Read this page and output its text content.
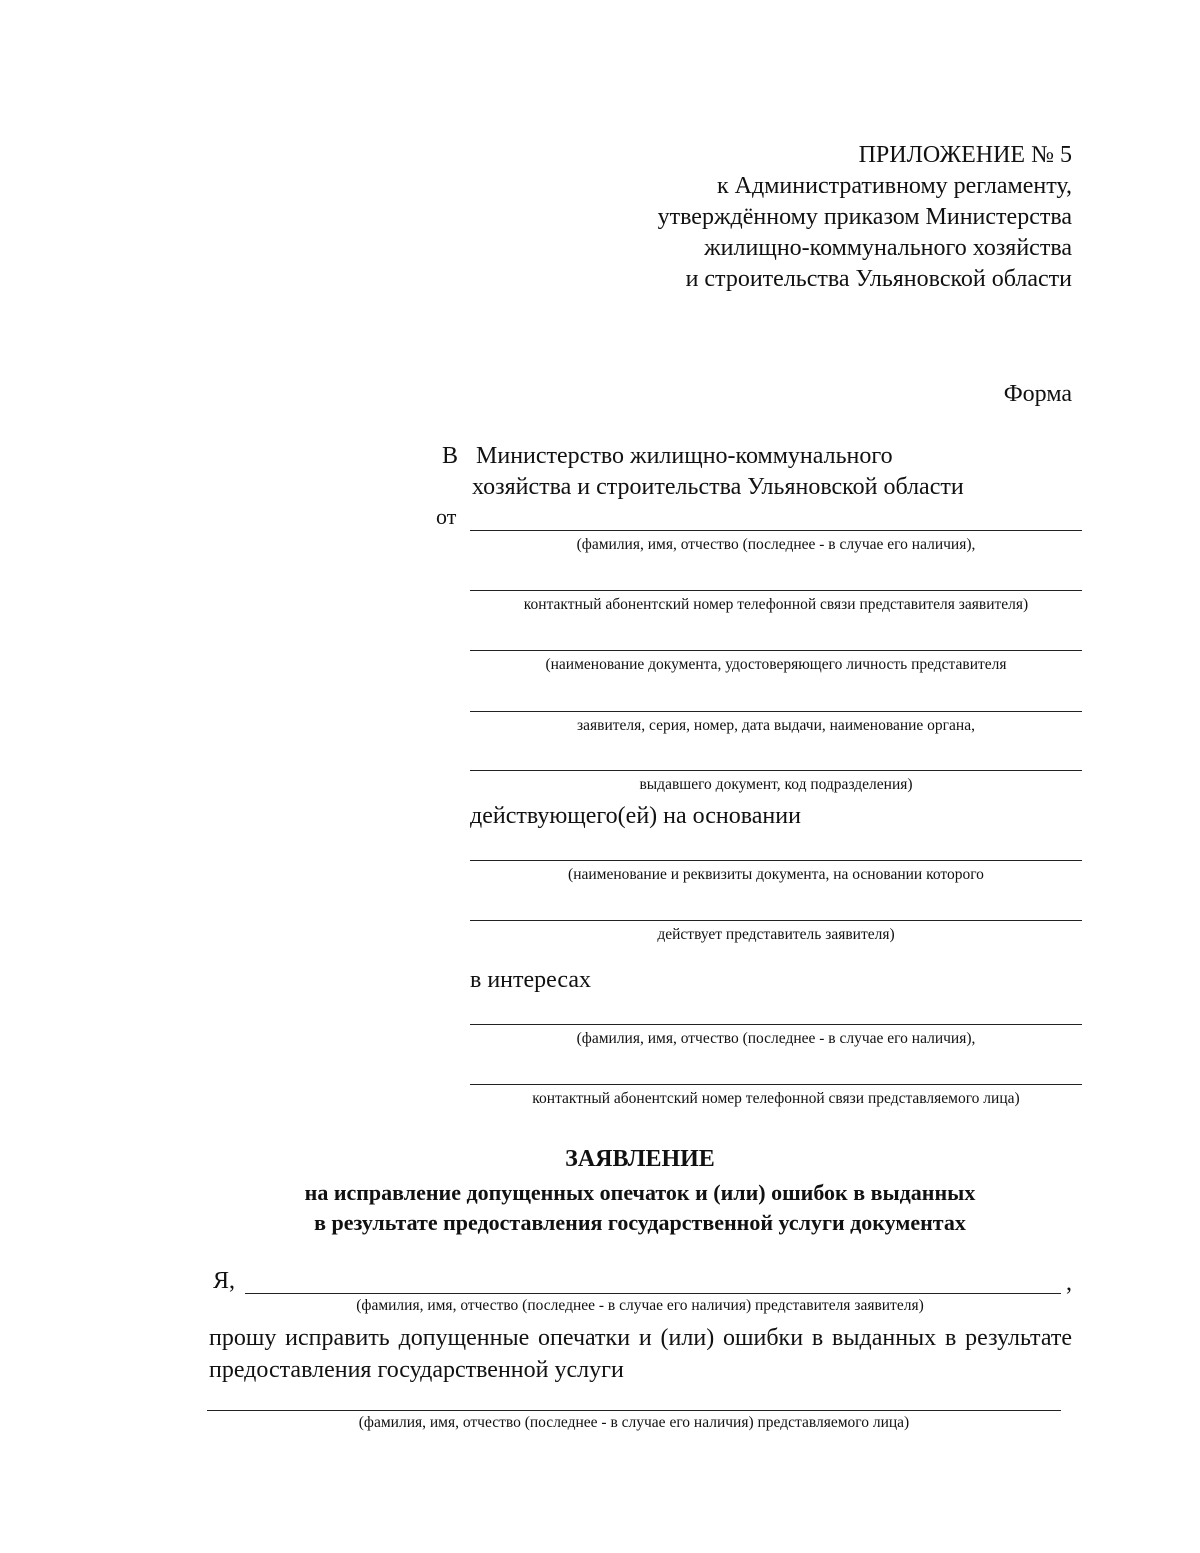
ПРИЛОЖЕНИЕ № 5
к Административному регламенту,
утверждённому приказом Министерства
жилищно-коммунального хозяйства
и строительства Ульяновской области
Форма
В Министерство жилищно-коммунального
хозяйства и строительства Ульяновской области
от
(фамилия, имя, отчество (последнее - в случае его наличия),
контактный абонентский номер телефонной связи представителя заявителя)
(наименование документа, удостоверяющего личность представителя
заявителя, серия, номер, дата выдачи, наименование органа,
выдавшего документ, код подразделения)
действующего(ей) на основании
(наименование и реквизиты документа, на основании которого
действует представитель заявителя)
в интересах
(фамилия, имя, отчество (последнее - в случае его наличия),
контактный абонентский номер телефонной связи представляемого лица)
ЗАЯВЛЕНИЕ
на исправление допущенных опечаток и (или) ошибок в выданных
в результате предоставления государственной услуги документах
Я,	,
(фамилия, имя, отчество (последнее - в случае его наличия) представителя заявителя)
прошу исправить допущенные опечатки и (или) ошибки в выданных в результате предоставления государственной услуги
(фамилия, имя, отчество (последнее - в случае его наличия) представляемого лица)
